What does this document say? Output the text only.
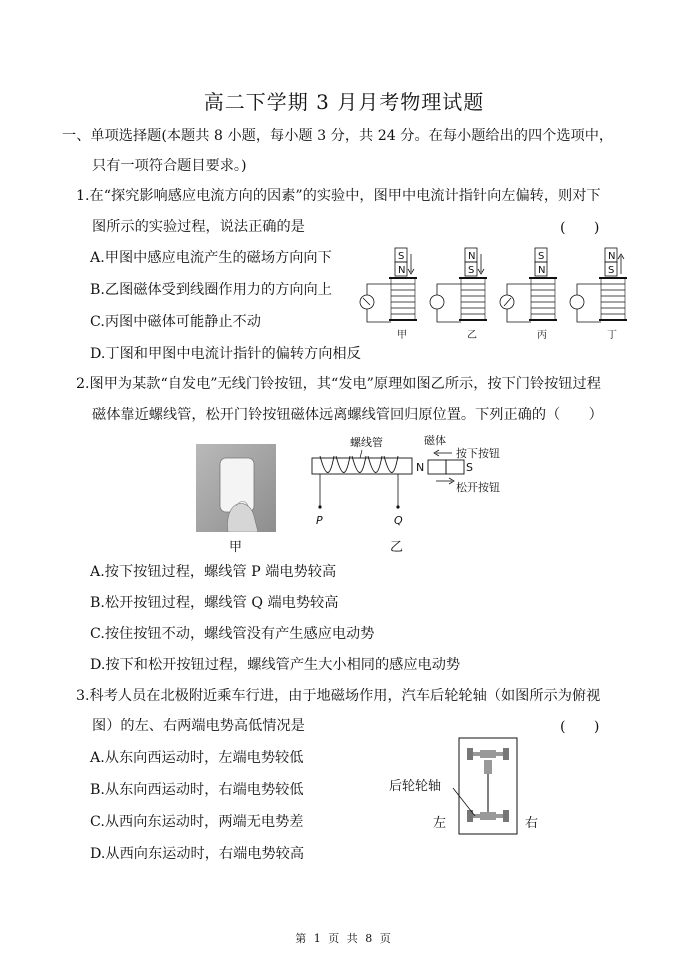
高二下学期 3 月月考物理试题
一、单项选择题(本题共 8 小题，每小题 3 分，共 24 分。在每小题给出的四个选项中，
只有一项符合题目要求。)
1.在“探究影响感应电流方向的因素”的实验中，图甲中电流计指针向左偏转，则对下
图所示的实验过程，说法正确的是	(　　)
A.甲图中感应电流产生的磁场方向向下
B.乙图磁体受到线圈作用力的方向向上
C.丙图中磁体可能静止不动
D.丁图和甲图中电流计指针的偏转方向相反
S
N
甲
N
S
乙
S
N
丙
N
S
丁
2.图甲为某款“自发电”无线门铃按钮，其“发电”原理如图乙所示，按下门铃按钮过程
磁体靠近螺线管，松开门铃按钮磁体远离螺线管回归原位置。下列正确的（　　）
甲
螺线管
P	Q
N
磁体
S
按下按钮
松开按钮
乙
A.按下按钮过程，螺线管 P 端电势较高
B.松开按钮过程，螺线管 Q 端电势较高
C.按住按钮不动，螺线管没有产生感应电动势
D.按下和松开按钮过程，螺线管产生大小相同的感应电动势
3.科考人员在北极附近乘车行进，由于地磁场作用，汽车后轮轮轴（如图所示为俯视
图）的左、右两端电势高低情况是	(　　)
A.从东向西运动时，左端电势较低
B.从东向西运动时，右端电势较低
C.从西向东运动时，两端无电势差
D.从西向东运动时，右端电势较高
后轮轮轴
左	右
第 1 页 共 8 页
